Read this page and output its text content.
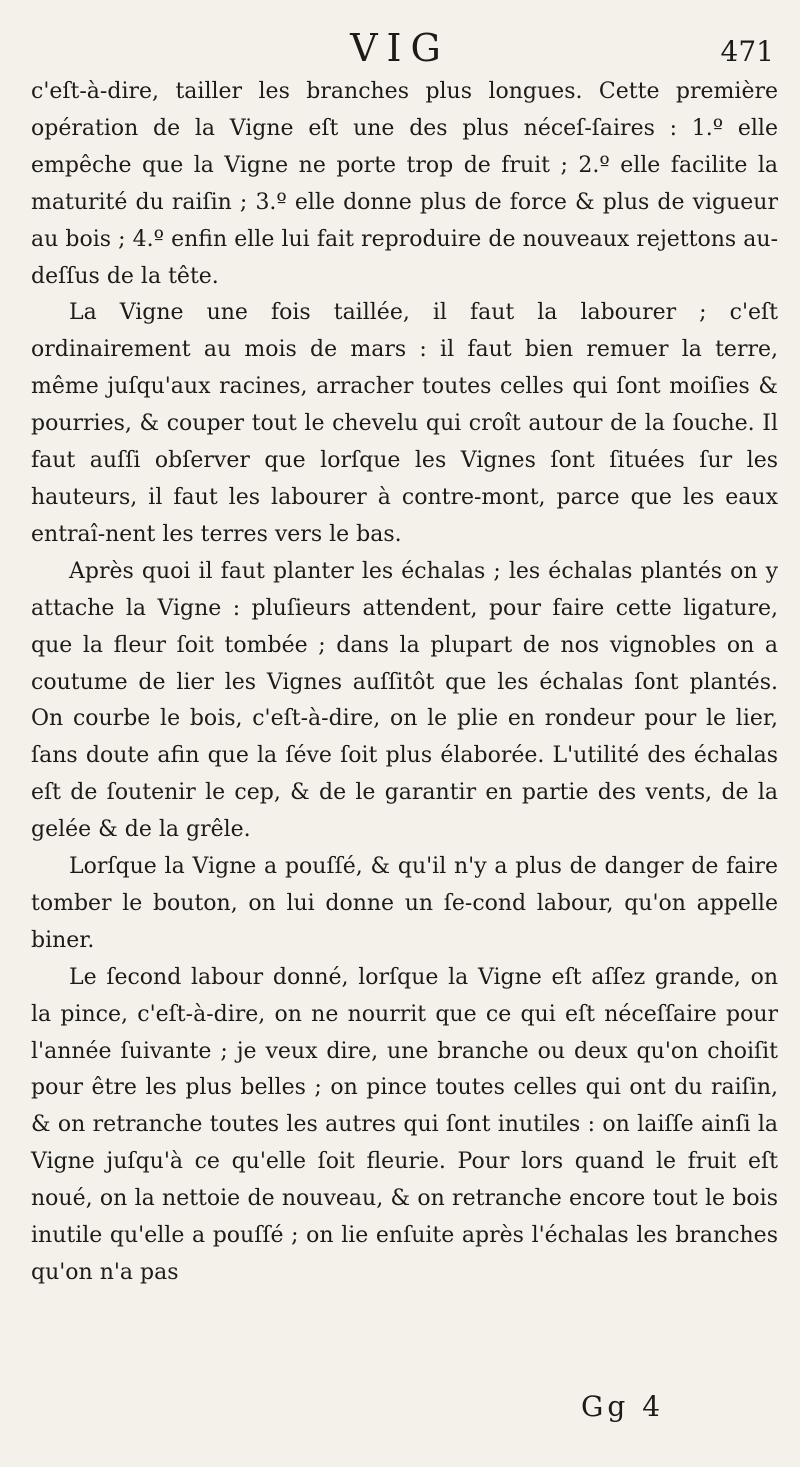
VIG	471

c'eſt-à-dire, tailler les branches plus longues. Cette première opération de la Vigne eſt une des plus néceſ-ſaires : 1.º elle empêche que la Vigne ne porte trop de fruit ; 2.º elle facilite la maturité du raiſin ; 3.º elle donne plus de force & plus de vigueur au bois ; 4.º enfin elle lui fait reproduire de nouveaux rejettons au-deſſus de la tête.

La Vigne une fois taillée, il faut la labourer ; c'eſt ordinairement au mois de mars : il faut bien remuer la terre, même juſqu'aux racines, arracher toutes celles qui ſont moiſies & pourries, & couper tout le chevelu qui croît autour de la ſouche. Il faut auſſi obſerver que lorſque les Vignes ſont ſituées ſur les hauteurs, il faut les labourer à contre-mont, parce que les eaux entraî-nent les terres vers le bas.

Après quoi il faut planter les échalas ; les échalas plantés on y attache la Vigne : pluſieurs attendent, pour faire cette ligature, que la fleur ſoit tombée ; dans la plupart de nos vignobles on a coutume de lier les Vignes auſſitôt que les échalas ſont plantés. On courbe le bois, c'eſt-à-dire, on le plie en rondeur pour le lier, ſans doute afin que la ſéve ſoit plus élaborée. L'utilité des échalas eſt de ſoutenir le cep, & de le garantir en partie des vents, de la gelée & de la grêle.

Lorſque la Vigne a pouſſé, & qu'il n'y a plus de danger de faire tomber le bouton, on lui donne un ſe-cond labour, qu'on appelle biner.

Le ſecond labour donné, lorſque la Vigne eſt aſſez grande, on la pince, c'eſt-à-dire, on ne nourrit que ce qui eſt néceſſaire pour l'année ſuivante ; je veux dire, une branche ou deux qu'on choiſit pour être les plus belles ; on pince toutes celles qui ont du raiſin, & on retranche toutes les autres qui ſont inutiles : on laiſſe ainſi la Vigne juſqu'à ce qu'elle ſoit fleurie. Pour lors quand le fruit eſt noué, on la nettoie de nouveau, & on retranche encore tout le bois inutile qu'elle a pouſſé ; on lie enſuite après l'échalas les branches qu'on n'a pas

Gg 4
